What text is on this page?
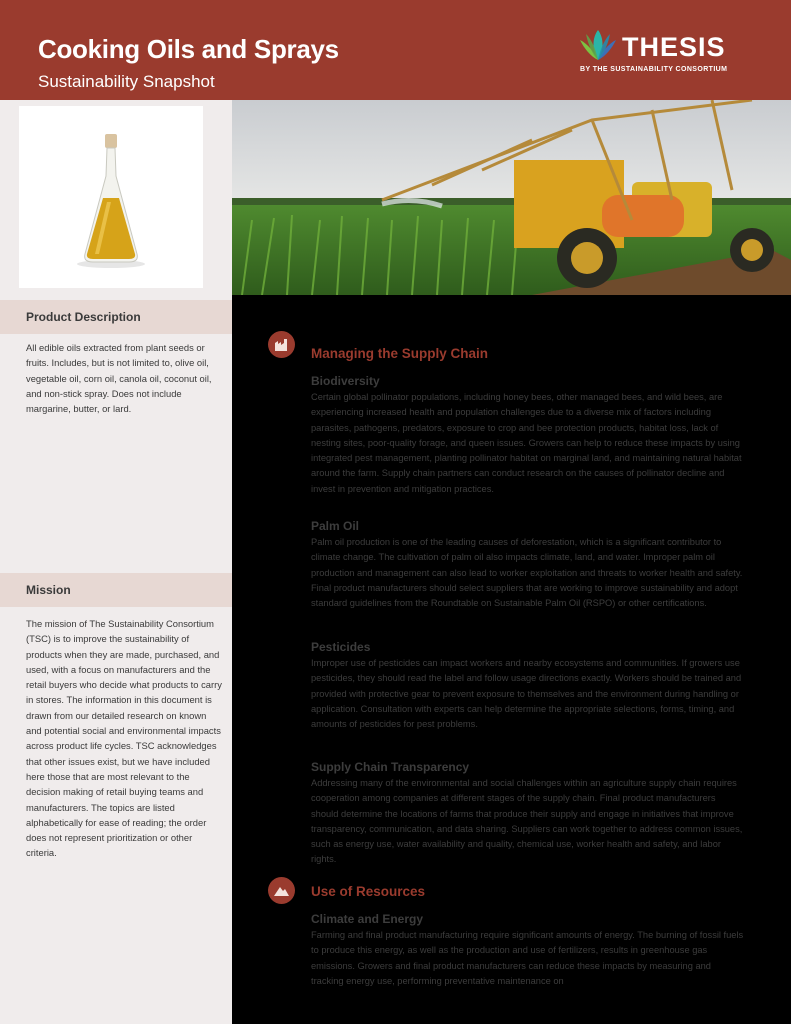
Cooking Oils and Sprays
Sustainability Snapshot
THESIS
BY THE SUSTAINABILITY CONSORTIUM
Product Description
All edible oils extracted from plant seeds or fruits. Includes, but is not limited to, olive oil, vegetable oil, corn oil, canola oil, coconut oil, and non-stick spray. Does not include margarine, butter, or lard.
Mission
The mission of The Sustainability Consortium (TSC) is to improve the sustainability of products when they are made, purchased, and used, with a focus on manufacturers and the retail buyers who decide what products to carry in stores. The information in this document is drawn from our detailed research on known and potential social and environmental impacts across product life cycles. TSC acknowledges that other issues exist, but we have included here those that are most relevant to the decision making of retail buying teams and manufacturers. The topics are listed alphabetically for ease of reading; the order does not represent prioritization or other criteria.
Managing the Supply Chain
Biodiversity
Certain global pollinator populations, including honey bees, other managed bees, and wild bees, are experiencing increased health and population challenges due to a diverse mix of factors including parasites, pathogens, predators, exposure to crop and bee protection products, habitat loss, lack of nesting sites, poor-quality forage, and queen issues. Growers can help to reduce these impacts by using integrated pest management, planting pollinator habitat on marginal land, and maintaining natural habitat around the farm. Supply chain partners can conduct research on the causes of pollinator decline and invest in prevention and mitigation practices.
Palm Oil
Palm oil production is one of the leading causes of deforestation, which is a significant contributor to climate change. The cultivation of palm oil also impacts climate, land, and water. Improper palm oil production and management can also lead to worker exploitation and threats to worker health and safety. Final product manufacturers should select suppliers that are working to improve sustainability and adopt standard guidelines from the Roundtable on Sustainable Palm Oil (RSPO) or other certifications.
Pesticides
Improper use of pesticides can impact workers and nearby ecosystems and communities. If growers use pesticides, they should read the label and follow usage directions exactly. Workers should be trained and provided with protective gear to prevent exposure to themselves and the environment during handling or application. Consultation with experts can help determine the appropriate selections, forms, timing, and amounts of pesticides for pest problems.
Supply Chain Transparency
Addressing many of the environmental and social challenges within an agriculture supply chain requires cooperation among companies at different stages of the supply chain. Final product manufacturers should determine the locations of farms that produce their supply and engage in initiatives that improve transparency, communication, and data sharing. Suppliers can work together to address common issues, such as energy use, water availability and quality, chemical use, worker health and safety, and labor rights.
Use of Resources
Climate and Energy
Farming and final product manufacturing require significant amounts of energy. The burning of fossil fuels to produce this energy, as well as the production and use of fertilizers, results in greenhouse gas emissions. Growers and final product manufacturers can reduce these impacts by measuring and tracking energy use, performing preventative maintenance on
